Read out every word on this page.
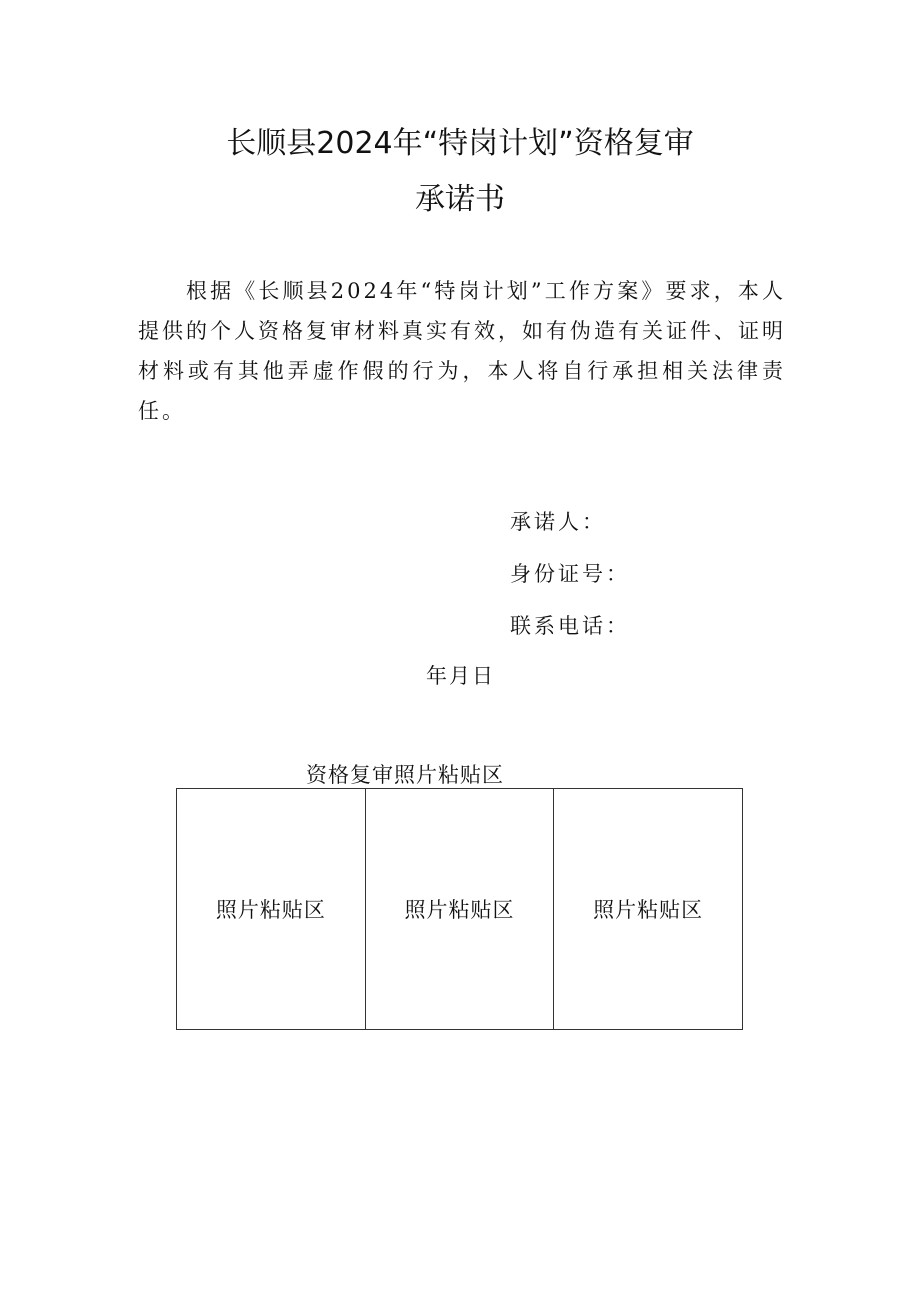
长顺县2024年“特岗计划”资格复审
承诺书

根据《长顺县2024年“特岗计划”工作方案》要求，本人提供的个人资格复审材料真实有效，如有伪造有关证件、证明材料或有其他弄虚作假的行为，本人将自行承担相关法律责任。

承诺人：
身份证号：
联系电话：
年月日
资格复审照片粘贴区
照片粘贴区	照片粘贴区	照片粘贴区
